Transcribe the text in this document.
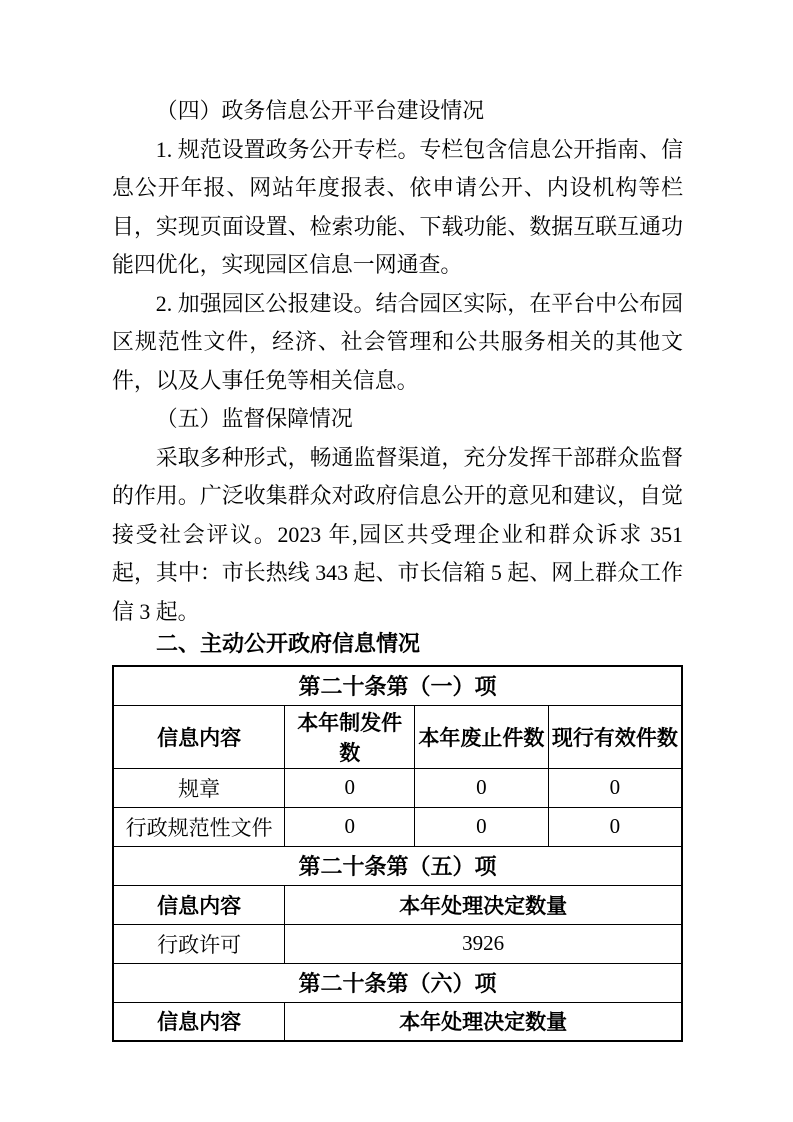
（四）政务信息公开平台建设情况

1. 规范设置政务公开专栏。专栏包含信息公开指南、信息公开年报、网站年度报表、依申请公开、内设机构等栏目，实现页面设置、检索功能、下载功能、数据互联互通功能四优化，实现园区信息一网通查。

2. 加强园区公报建设。结合园区实际，在平台中公布园区规范性文件，经济、社会管理和公共服务相关的其他文件，以及人事任免等相关信息。

（五）监督保障情况

采取多种形式，畅通监督渠道，充分发挥干部群众监督的作用。广泛收集群众对政府信息公开的意见和建议，自觉接受社会评议。2023 年,园区共受理企业和群众诉求 351 起，其中：市长热线 343 起、市长信箱 5 起、网上群众工作信 3 起。

二、主动公开政府信息情况
第二十条第（一）项			
信息内容	本年制发件数	本年废止件数	现行有效件数
规章	0	0	0
行政规范性文件	0	0	0
第二十条第（五）项			
信息内容	本年处理决定数量		
行政许可	3926		
第二十条第（六）项			
信息内容	本年处理决定数量		
